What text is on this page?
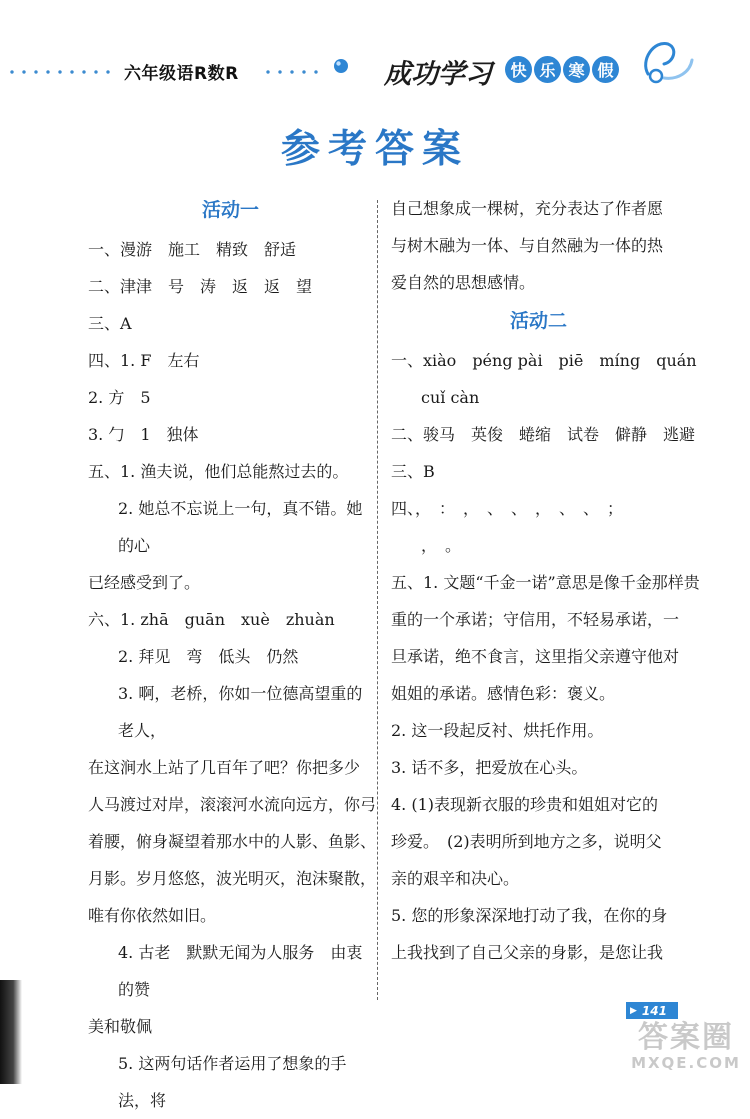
六年级语R数R	成功学习	快 乐 寒 假
参考答案
活动一
一、漫游　施工　精致　舒适
二、津津　号　涛　返　返　望
三、A
四、1. F　左右
2. 方　5
3. 勹　1　独体
五、1. 渔夫说，他们总能熬过去的。
2. 她总不忘说上一句，真不错。她的心
已经感受到了。
六、1. zhā　guān　xuè　zhuàn
2. 拜见　弯　低头　仍然
3. 啊，老桥，你如一位德高望重的老人，
在这涧水上站了几百年了吧？你把多少
人马渡过对岸，滚滚河水流向远方，你弓
着腰，俯身凝望着那水中的人影、鱼影、
月影。岁月悠悠，波光明灭，泡沫聚散，
唯有你依然如旧。
4. 古老　默默无闻为人服务　由衷的赞
美和敬佩
5. 这两句话作者运用了想象的手法，将
自己想象成一棵树，充分表达了作者愿
与树木融为一体、与自然融为一体的热
爱自然的思想感情。
活动二
一、xiào　péng pài　piē　míng　quán
cuǐ càn
二、骏马　英俊　蜷缩　试卷　僻静　逃避
三、B
四、，　：　，　、　、　，　、　、　；
，　。
五、1. 文题“千金一诺”意思是像千金那样贵
重的一个承诺；守信用，不轻易承诺，一
旦承诺，绝不食言，这里指父亲遵守他对
姐姐的承诺。感情色彩：褒义。
2. 这一段起反衬、烘托作用。
3. 话不多，把爱放在心头。
4. (1)表现新衣服的珍贵和姐姐对它的
珍爱。　(2)表明所到地方之多，说明父
亲的艰辛和决心。
5. 您的形象深深地打动了我，在你的身
上我找到了自己父亲的身影，是您让我
▶ 141
答案圈
MXQE.COM
